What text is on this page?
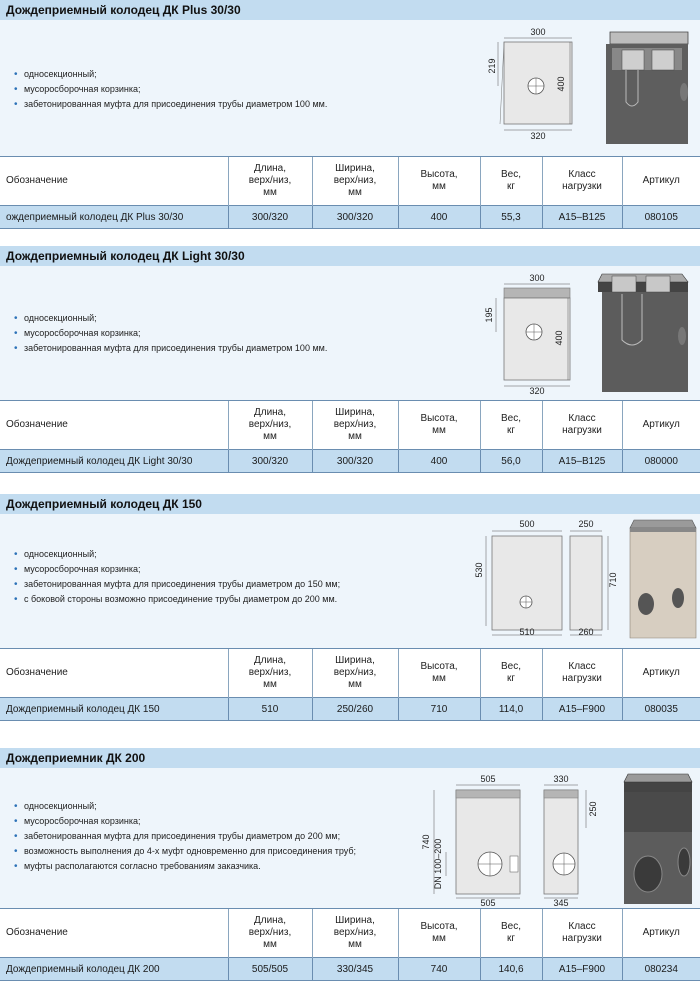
Дождеприемный колодец ДК Plus 30/30
• односекционный;
• мусоросборочная корзинка;
• забетонированная муфта для присоединения трубы диаметром 100 мм.
300
320
219
400
Обозначение	Длина,
верх/низ,
мм	Ширина,
верх/низ,
мм	Высота,
мм	Вес,
кг	Класс
нагрузки	Артикул
ождеприемный колодец ДК Plus 30/30	300/320	300/320	400	55,3	A15–B125	080105
Дождеприемный колодец ДК Light 30/30
• односекционный;
• мусоросборочная корзинка;
• забетонированная муфта для присоединения трубы диаметром 100 мм.
300
320
195
400
Обозначение	Длина,
верх/низ,
мм	Ширина,
верх/низ,
мм	Высота,
мм	Вес,
кг	Класс
нагрузки	Артикул
Дождеприемный колодец ДК Light 30/30	300/320	300/320	400	56,0	A15–B125	080000
Дождеприемный колодец ДК 150
• односекционный;
• мусоросборочная корзинка;
• забетонированная муфта для присоединения трубы диаметром до 150 мм;
• с боковой стороны возможно присоединение трубы диаметром до 200 мм.
500
510
530
250
260
710
Обозначение	Длина,
верх/низ,
мм	Ширина,
верх/низ,
мм	Высота,
мм	Вес,
кг	Класс
нагрузки	Артикул
Дождеприемный колодец ДК 150	510	250/260	710	114,0	A15–F900	080035
Дождеприемник ДК 200
• односекционный;
• мусоросборочная корзинка;
• забетонированная муфта для присоединения трубы диаметром до 200 мм;
• возможность выполнения до 4-х муфт одновременно для присоединения труб;
• муфты располагаются согласно требованиям заказчика.
505
505
740 DN 100–200
330
345
250
Обозначение	Длина,
верх/низ,
мм	Ширина,
верх/низ,
мм	Высота,
мм	Вес,
кг	Класс
нагрузки	Артикул
Дождеприемный колодец ДК 200	505/505	330/345	740	140,6	A15–F900	080234
